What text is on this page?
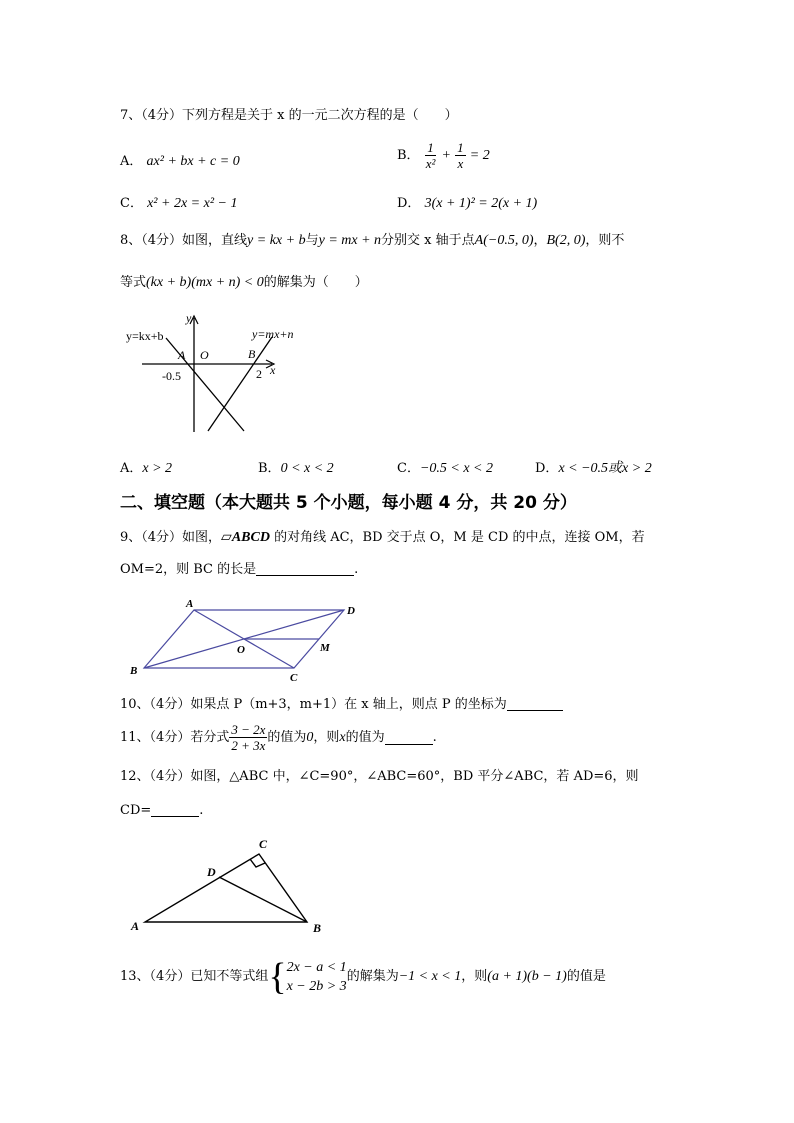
7、（4分）下列方程是关于 x 的一元二次方程的是（　　）
A． ax² + bx + c = 0	B． $\frac{1}{\text{x²}} + \frac{1}{x} = 2$
C． x² + 2x = x² − 1	D． 3(x + 1)² = 2(x + 1)
8、（4分）如图，直线y = kx + b与y = mx + n分别交 x 轴于点A(−0.5, 0)，B(2, 0)，则不
等式(kx + b)(mx + n) < 0的解集为（　　）
y=kx+b	y=mx+n
y
x
A O	B
-0.5	2
A．x > 2	B．0 < x < 2	C．−0.5 < x < 2	D．x < −0.5或x > 2
二、填空题（本大题共 5 个小题，每小题 4 分，共 20 分）
9、（4分）如图，▱ABCD 的对角线 AC，BD 交于点 O，M 是 CD 的中点，连接 OM，若
OM=2，则 BC 的长是	.
A
D
B
C
O	M
10、（4分）如果点 P（m+3，m+1）在 x 轴上，则点 P 的坐标为
11、（4分）若分式 $\frac{3 - 2x}{2 + 3x}$ 的值为 0 ，则 x 的值为	.
12、（4分）如图，△ABC 中，∠C=90°，∠ABC=60°，BD 平分∠ABC，若 AD=6，则
CD=	.
A	B
C
D
13、（4分）已知不等式组 { 2x − a < 1
x − 2b > 3
的解集为 −1 < x < 1 ，则 (a + 1)(b − 1) 的值是
